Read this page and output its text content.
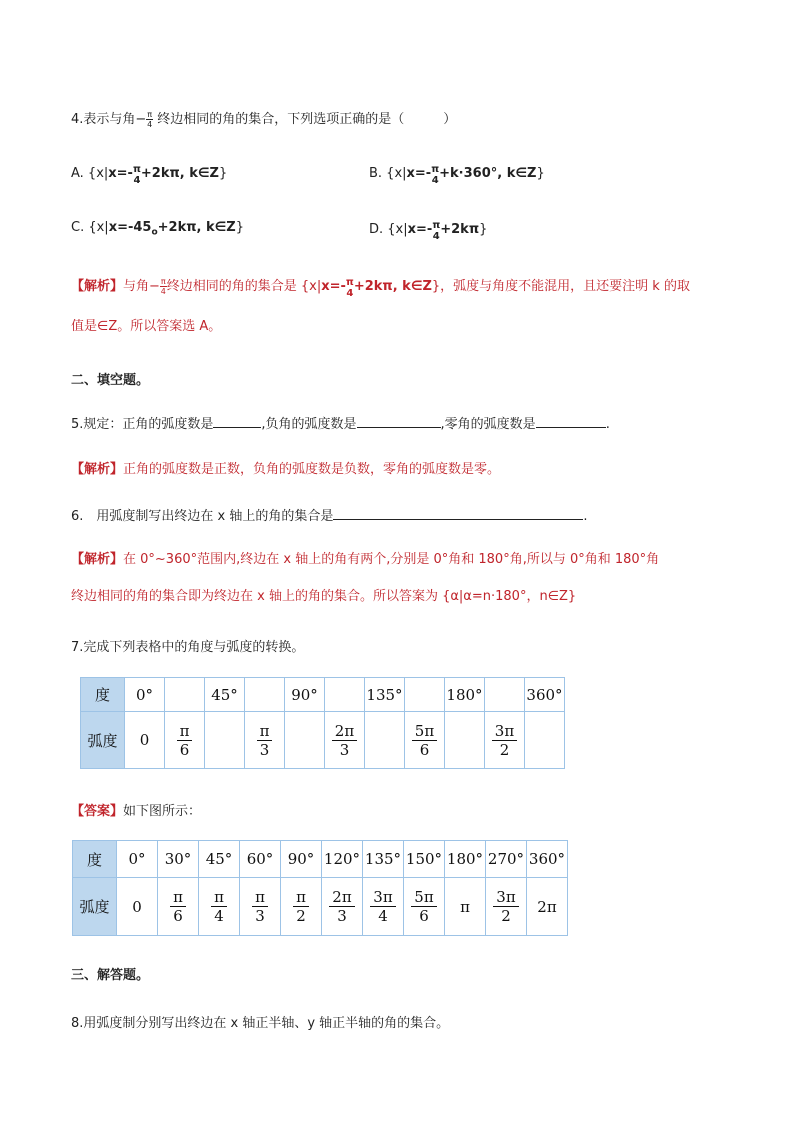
4.表示与角− $\frac{\pi}{4}$ 终边相同的角的集合，下列选项正确的是（　　　）
A. {x|x=- π
4 +2kπ, k∈Z}	B. {x|x=- π
4 +k·360°, k∈Z}
C. {$x|x=-45_o+2k\pi$, k∈Z}	D. {x|x=- π
4 +2kπ}
【解析】与角− $\frac{\pi}{4}$ 终边相同的角的集合是 {x|x=- π
4 +2kπ, k∈Z}，弧度与角度不能混用，且还要注明 k 的取
值是∈Z。所以答案选 A。
二、填空题。
5.规定：正角的弧度数是	,负角的弧度数是	,零角的弧度数是	.
【解析】正角的弧度数是正数，负角的弧度数是负数，零角的弧度数是零。
6.　用弧度制写出终边在 x 轴上的角的集合是	.
【解析】在 0°~360°范围内,终边在 x 轴上的角有两个,分别是 0°角和 180°角,所以与 0°角和 180°角
终边相同的角的集合即为终边在 x 轴上的角的集合。所以答案为 {α|α=n·180°，n∈Z}
7.完成下列表格中的角度与弧度的转换。
度	0°		45°		90°		135°		180°		360°
弧度	0	$\frac{\pi}{6}$		$\frac{\pi}{3}$		$\frac{2\pi}{3}$		$\frac{5\pi}{6}$		$\frac{3\pi}{2}$

【答案】如下图所示：
度	0°	30°	45°	60°	90°	120°	135°	150°	180°	270°	360°
弧度	0	$\frac{\pi}{6}$	$\frac{\pi}{4}$	$\frac{\pi}{3}$	$\frac{\pi}{2}$	$\frac{2\pi}{3}$	$\frac{3\pi}{4}$	$\frac{5\pi}{6}$	π	$\frac{3\pi}{2}$	2π
三、解答题。
8.用弧度制分别写出终边在 x 轴正半轴、y 轴正半轴的角的集合。
